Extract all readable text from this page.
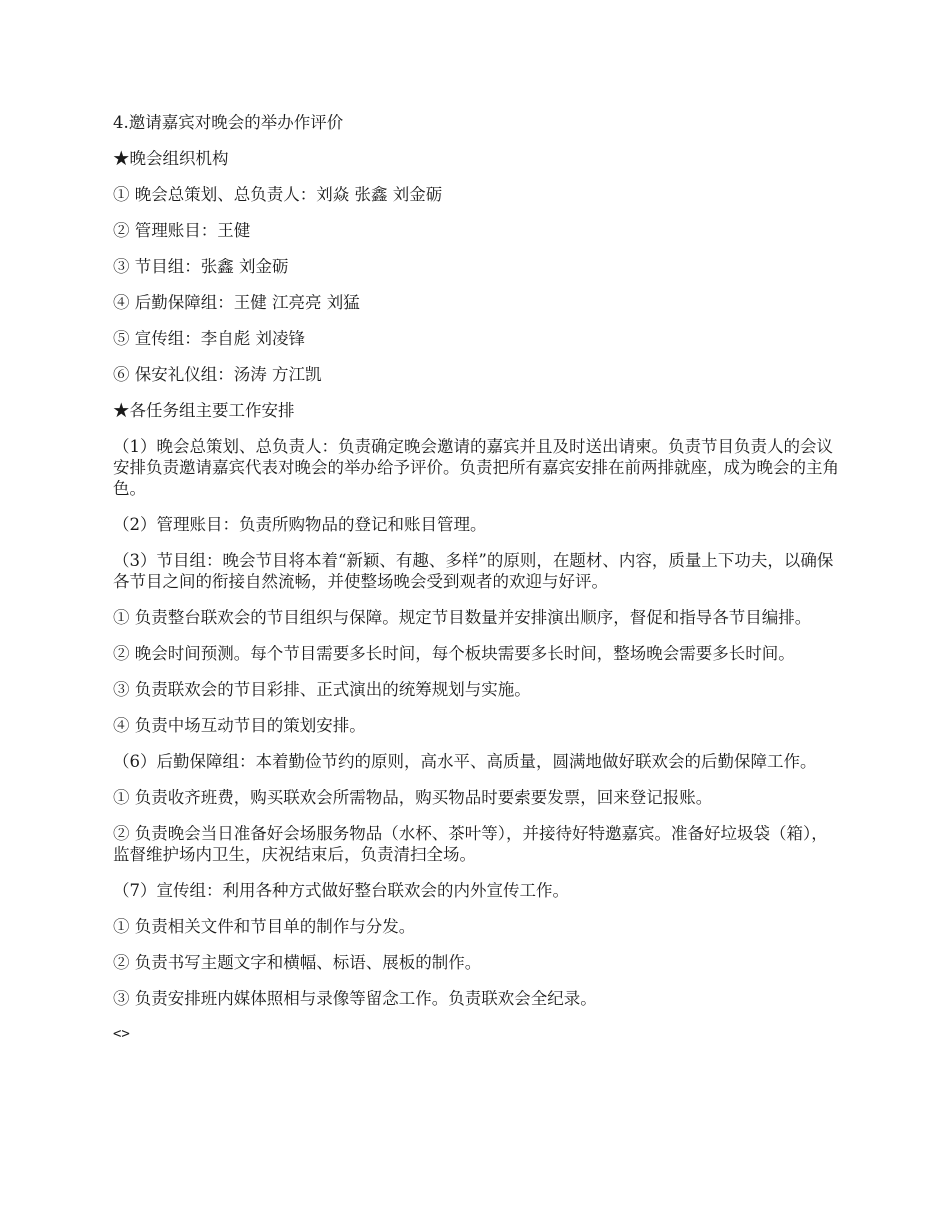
4.邀请嘉宾对晚会的举办作评价

★晚会组织机构

① 晚会总策划、总负责人：刘焱 张鑫 刘金砺

② 管理账目：王健

③ 节目组：张鑫 刘金砺

④ 后勤保障组：王健 江亮亮 刘猛

⑤ 宣传组：李自彪 刘凌锋

⑥ 保安礼仪组：汤涛 方江凯

★各任务组主要工作安排

（1）晚会总策划、总负责人：负责确定晚会邀请的嘉宾并且及时送出请柬。负责节目负责人的会议安排负责邀请嘉宾代表对晚会的举办给予评价。负责把所有嘉宾安排在前两排就座，成为晚会的主角色。

（2）管理账目：负责所购物品的登记和账目管理。

（3）节目组：晚会节目将本着“新颖、有趣、多样”的原则，在题材、内容，质量上下功夫，以确保各节目之间的衔接自然流畅，并使整场晚会受到观者的欢迎与好评。

① 负责整台联欢会的节目组织与保障。规定节目数量并安排演出顺序，督促和指导各节目编排。

② 晚会时间预测。每个节目需要多长时间，每个板块需要多长时间，整场晚会需要多长时间。

③ 负责联欢会的节目彩排、正式演出的统筹规划与实施。

④ 负责中场互动节目的策划安排。

（6）后勤保障组：本着勤俭节约的原则，高水平、高质量，圆满地做好联欢会的后勤保障工作。

① 负责收齐班费，购买联欢会所需物品，购买物品时要索要发票，回来登记报账。

② 负责晚会当日准备好会场服务物品（水杯、茶叶等），并接待好特邀嘉宾。准备好垃圾袋（箱），监督维护场内卫生，庆祝结束后，负责清扫全场。

（7）宣传组：利用各种方式做好整台联欢会的内外宣传工作。

① 负责相关文件和节目单的制作与分发。

② 负责书写主题文字和横幅、标语、展板的制作。

③ 负责安排班内媒体照相与录像等留念工作。负责联欢会全纪录。

<>
